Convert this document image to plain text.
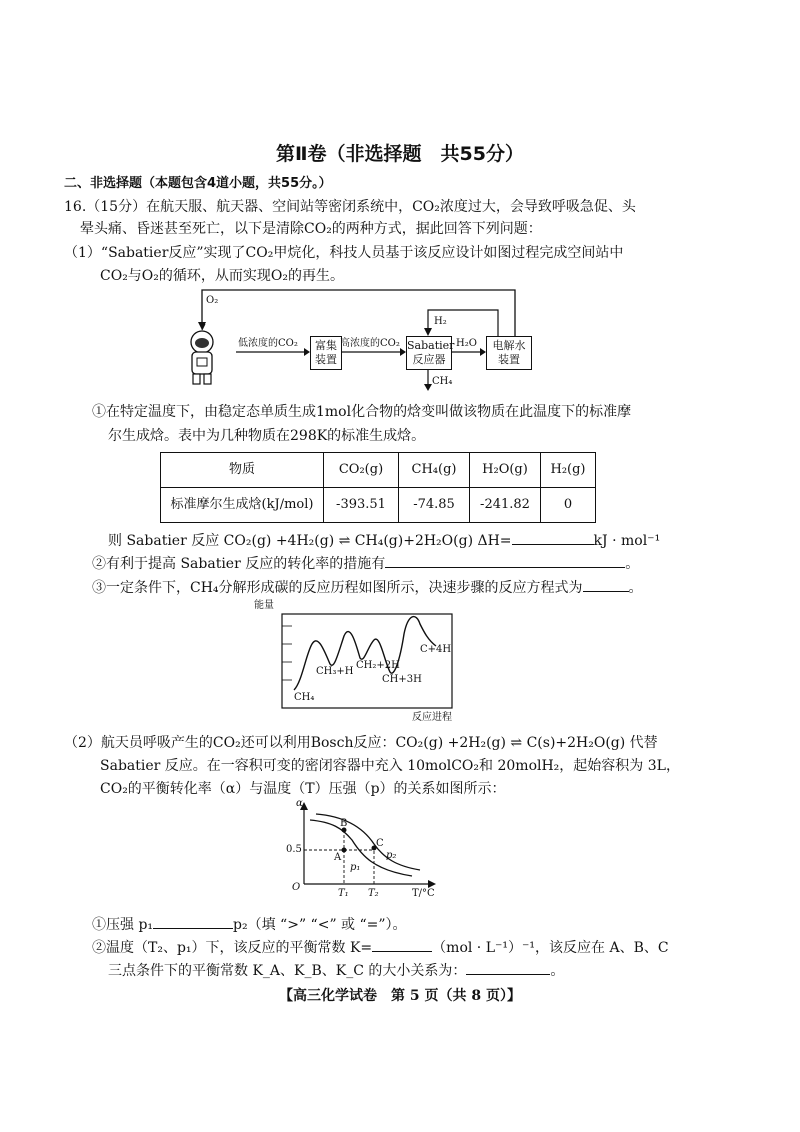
第Ⅱ卷（非选择题　共55分）
二、非选择题（本题包含4道小题，共55分。）
16.（15分）在航天服、航天器、空间站等密闭系统中，CO₂浓度过大，会导致呼吸急促、头
晕头痛、昏迷甚至死亡，以下是清除CO₂的两种方式，据此回答下列问题：
（1）“Sabatier反应”实现了CO₂甲烷化，科技人员基于该反应设计如图过程完成空间站中
CO₂与O₂的循环，从而实现O₂的再生。
O₂
低浓度的CO₂	富集
装置
高浓度的CO₂ Sabatier
反应器
H₂
H₂O
CH₄
电解水
装置
①在特定温度下，由稳定态单质生成1mol化合物的焓变叫做该物质在此温度下的标准摩
尔生成焓。表中为几种物质在298K的标准生成焓。
物质	CO₂(g)	CH₄(g)	H₂O(g)	H₂(g)
标准摩尔生成焓(kJ/mol)	-393.51	-74.85	-241.82	0
则 Sabatier 反应 CO₂(g) +4H₂(g) ⇌ CH₄(g)+2H₂O(g) ΔH=	kJ · mol⁻¹
②有利于提高 Sabatier 反应的转化率的措施有	。
③一定条件下，CH₄分解形成碳的反应历程如图所示，决速步骤的反应方程式为	。
能量
CH₄
CH₃+H
CH₂+2H
CH+3H
C+4H
反应进程
（2）航天员呼吸产生的CO₂还可以利用Bosch反应：CO₂(g) +2H₂(g) ⇌ C(s)+2H₂O(g) 代替
Sabatier 反应。在一容积可变的密闭容器中充入 10molCO₂和 20molH₂，起始容积为 3L，
CO₂的平衡转化率（α）与温度（T）压强（p）的关系如图所示：
α
0.5
O
A
B
C
p₁
p₂
T₁ T₂	T/°C
①压强 p₁	p₂（填 “>” “<” 或 “=”）。
②温度（T₂、p₁）下，该反应的平衡常数 K=	（mol · L⁻¹）⁻¹，该反应在 A、B、C
三点条件下的平衡常数 K_A、K_B、K_C 的大小关系为：	。
【高三化学试卷　第 5 页（共 8 页）】
